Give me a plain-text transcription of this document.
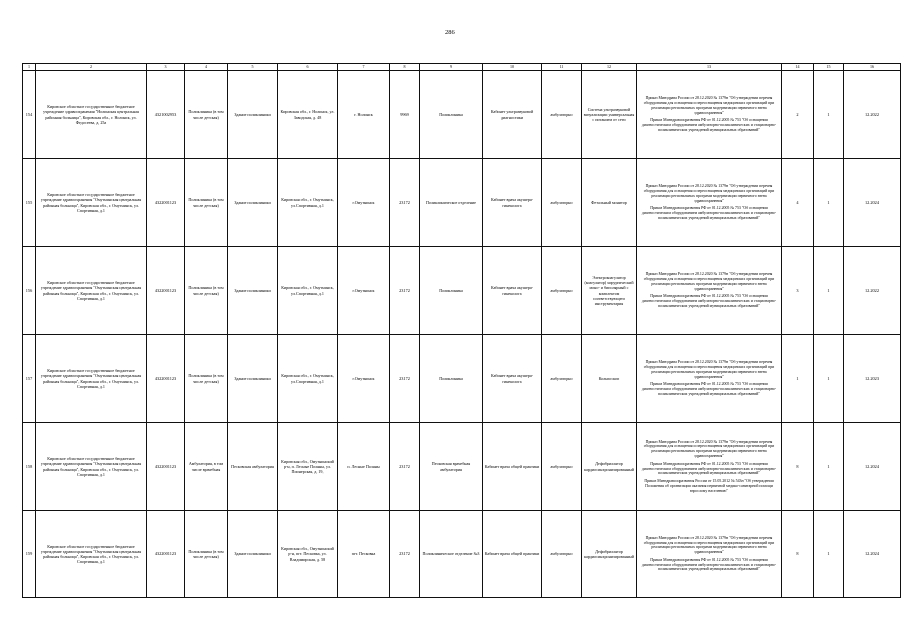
286
1	2	3	4	5	6	7	8	9	10	11	12	13	14	15	16
154	Кировское областное государственное бюджетное учреждение здравоохранения "Нолинская центральная районная больница", Кировская обл., г. Нолинск, ул. Федосеева, д. 25а	4321002953	Поликлиника (в том числе детская)	Здание поликлиники	Кировская обл., г. Нолинск, ул. Заводская, д. 48	г. Нолинск	9969	Поликлиника	Кабинет ультразвуковой диагностики	амбулаторно	Система ультразвуковой визуализации универсальная с питанием от сети	Приказ Минздрава России от 28.12.2020 № 1379н "Об утверждении перечня оборудования для оснащения и переоснащения медицинских организаций при реализации региональных программ модернизации первичного звена здравоохранения"
Приказ Минздравсоцразвития РФ от 01.12.2005 № 753 "Об оснащении диагностическим оборудованием амбулаторно-поликлинических и стационарно-поликлинических учреждений муниципальных образований"	2	1	12.2022
155	Кировское областное государственное бюджетное учреждение здравоохранения "Омутнинская центральная районная больница", Кировская обл., г. Омутнинск, ул. Спортивная, д.1	4322001123	Поликлиника (в том числе детская)	Здание поликлиники	Кировская обл., г. Омутнинск, ул.Спортивная, д.1	г.Омутнинск	23172	Поликлиническое отделение	Кабинет врача акушера-гинеколога	амбулаторно	Фетальный монитор	Приказ Минздрава России от 28.12.2020 № 1379н "Об утверждении перечня оборудования для оснащения и переоснащения медицинских организаций при реализации региональных программ модернизации первичного звена здравоохранения"
Приказ Минздравсоцразвития РФ от 01.12.2005 № 753 "Об оснащении диагностическим оборудованием амбулаторно-поликлинических и стационарно-поликлинических учреждений муниципальных образований"	4	1	12.2024
156	Кировское областное государственное бюджетное учреждение здравоохранения "Омутнинская центральная районная больница", Кировская обл., г. Омутнинск, ул. Спортивная, д.1	4322001123	Поликлиника (в том числе детская)	Здание поликлиники	Кировская обл., г. Омутнинск, ул.Спортивная, д.1	г.Омутнинск	23172	Поликлиника	Кабинет врача акушера-гинеколога	амбулаторно	Электрокоагулятор (коагулятор) хирургический моно- и биполярный с комплектом соответствующего инструментария	Приказ Минздрава России от 28.12.2020 № 1379н "Об утверждении перечня оборудования для оснащения и переоснащения медицинских организаций при реализации региональных программ модернизации первичного звена здравоохранения"
Приказ Минздравсоцразвития РФ от 01.12.2005 № 753 "Об оснащении диагностическим оборудованием амбулаторно-поликлинических и стационарно-поликлинических учреждений муниципальных образований"	3	1	12.2022
157	Кировское областное государственное бюджетное учреждение здравоохранения "Омутнинская центральная районная больница", Кировская обл., г. Омутнинск, ул. Спортивная, д.1	4322001123	Поликлиника (в том числе детская)	Здание поликлиники	Кировская обл., г. Омутнинск, ул.Спортивная, д.1	г.Омутнинск	23172	Поликлиника	Кабинет врача акушера-гинеколога	амбулаторно	Кольпоскоп	Приказ Минздрава России от 28.12.2020 № 1379н "Об утверждении перечня оборудования для оснащения и переоснащения медицинских организаций при реализации региональных программ модернизации первичного звена здравоохранения"
Приказ Минздравсоцразвития РФ от 01.12.2005 № 753 "Об оснащении диагностическим оборудованием амбулаторно-поликлинических и стационарно-поликлинических учреждений муниципальных образований"	1	1	12.2023
158	Кировское областное государственное бюджетное учреждение здравоохранения "Омутнинская центральная районная больница", Кировская обл., г. Омутнинск, ул. Спортивная, д.1	4322001123	Амбулатория, в том числе врачебная	Песковская амбулатория	Кировская обл., Омутнинский р-н, п. Лесные Поляны, ул. Пионерская, д. 19,	п. Лесные Поляны	23172	Песковская врачебная амбулатория	Кабинет врача общей практики	амбулаторно	Дефибриллятор кардиосинхронизированный	Приказ Минздрава России от 28.12.2020 № 1379н "Об утверждении перечня оборудования для оснащения и переоснащения медицинских организаций при реализации региональных программ модернизации первичного звена здравоохранения"
Приказ Минздравсоцразвития РФ от 01.12.2005 № 753 "Об оснащении диагностическим оборудованием амбулаторно-поликлинических и стационарно-поликлинических учреждений муниципальных образований"
Приказ Минздравсоцразвития России от 15.05.2012 № 543н "Об утверждении Положения об организации оказания первичной медико-санитарной помощи взрослому населению"	8	1	12.2024
159	Кировское областное государственное бюджетное учреждение здравоохранения "Омутнинская центральная районная больница", Кировская обл., г. Омутнинск, ул. Спортивная, д.1	4322001123	Поликлиника (в том числе детская)	Здание поликлиники	Кировская обл., Омутнинский р-н, пгт. Песковка, ул. Владимирская, д. 58	пгт. Песковка	23172	Поликлиническое отделение №3	Кабинет врача общей практики	амбулаторно	Дефибриллятор кардиосинхронизированный	Приказ Минздрава России от 28.12.2020 № 1379н "Об утверждении перечня оборудования для оснащения и переоснащения медицинских организаций при реализации региональных программ модернизации первичного звена здравоохранения"
Приказ Минздравсоцразвития РФ от 01.12.2005 № 753 "Об оснащении диагностическим оборудованием амбулаторно-поликлинических и стационарно-поликлинических учреждений муниципальных образований"	8	1	12.2024
